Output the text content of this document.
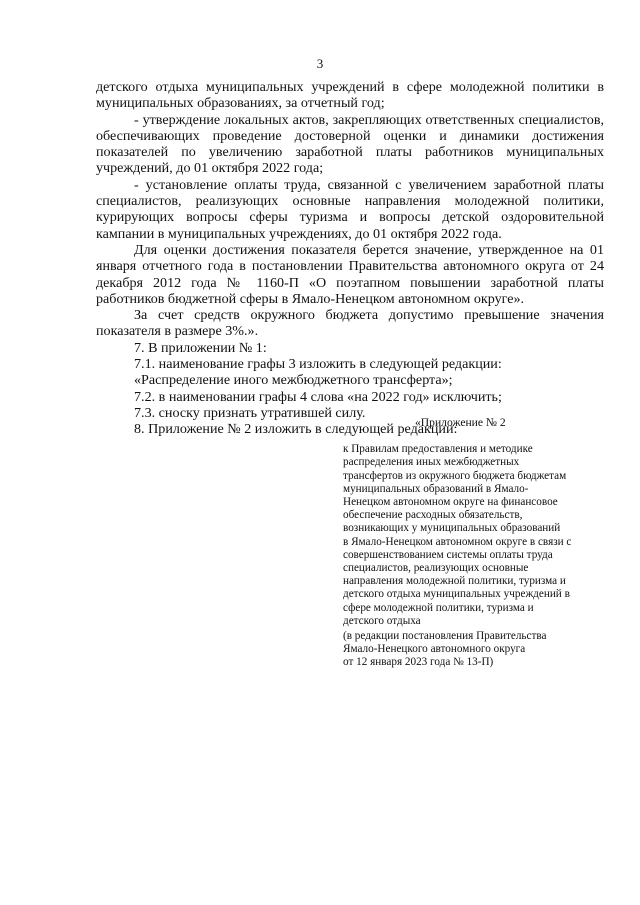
3

детского отдыха муниципальных учреждений в сфере молодежной политики в муниципальных образованиях, за отчетный год;

- утверждение локальных актов, закрепляющих ответственных специалистов, обеспечивающих проведение достоверной оценки и динамики достижения показателей по увеличению заработной платы работников муниципальных учреждений, до 01 октября 2022 года;

- установление оплаты труда, связанной с увеличением заработной платы специалистов, реализующих основные направления молодежной политики, курирующих вопросы сферы туризма и вопросы детской оздоровительной кампании в муниципальных учреждениях, до 01 октября 2022 года.

Для оценки достижения показателя берется значение, утвержденное на 01 января отчетного года в постановлении Правительства автономного округа от 24 декабря 2012 года № 1160-П «О поэтапном повышении заработной платы работников бюджетной сферы в Ямало-Ненецком автономном округе».

За счет средств окружного бюджета допустимо превышение значения показателя в размере 3%.».

7. В приложении № 1:

7.1. наименование графы 3 изложить в следующей редакции:

«Распределение иного межбюджетного трансферта»;

7.2. в наименовании графы 4 слова «на 2022 год» исключить;

7.3. сноску признать утратившей силу.

8. Приложение № 2 изложить в следующей редакции:

«Приложение № 2
к Правилам предоставления и методике
распределения иных межбюджетных
трансфертов из окружного бюджета бюджетам
муниципальных образований в Ямало-
Ненецком автономном округе на финансовое
обеспечение расходных обязательств,
возникающих у муниципальных образований
в Ямало-Ненецком автономном округе в связи с
совершенствованием системы оплаты труда
специалистов, реализующих основные
направления молодежной политики, туризма и
детского отдыха муниципальных учреждений в
сфере молодежной политики, туризма и
детского отдыха
(в редакции постановления Правительства
Ямало-Ненецкого автономного округа
от 12 января 2023 года № 13-П)
